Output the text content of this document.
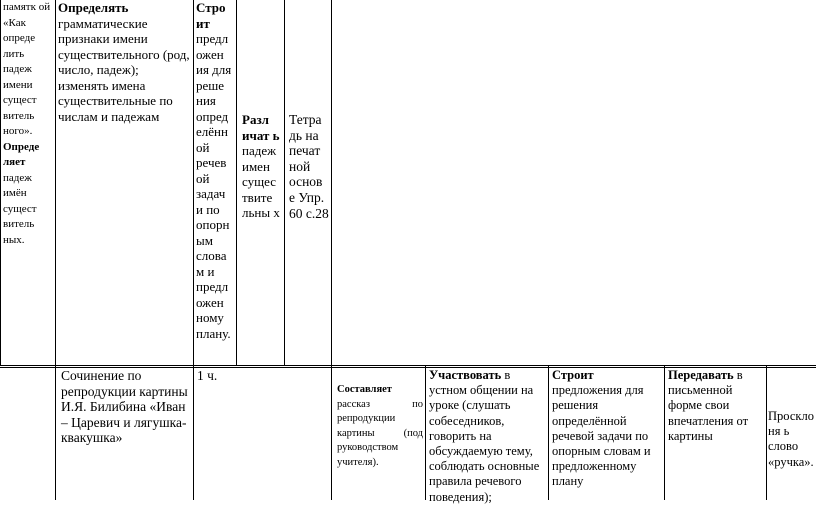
памятк ой «Как опреде лить падеж имени сущест витель ного». Опреде ляет падеж имён сущест витель ных.
Определять грамматические признаки имени существительного (род, число, падеж); изменять имена существительные по числам и падежам
Стро ит предл ожен ия для реше ния опред елённ ой речев ой задач и по опорн ым слова м и предл ожен ному плану.
Разл ичат ь падеж имен сущес твите льны х
Тетра дь на печат ной основ е Упр. 60 с.28
Сочинение по репродукции картины И.Я. Билибина «Иван – Царевич и лягушка-квакушка»
1 ч.
Составляет рассказ по репродукции картины (под руководством учителя).
Участвовать в устном общении на уроке (слушать собеседников, говорить на обсуждаемую тему, соблюдать основные правила речевого поведения);
Строит предложения для решения определённой речевой задачи по опорным словам и предложенному плану
Передавать в письменной форме свои впечатления от картины
Просклоня ь слово «ручка».
